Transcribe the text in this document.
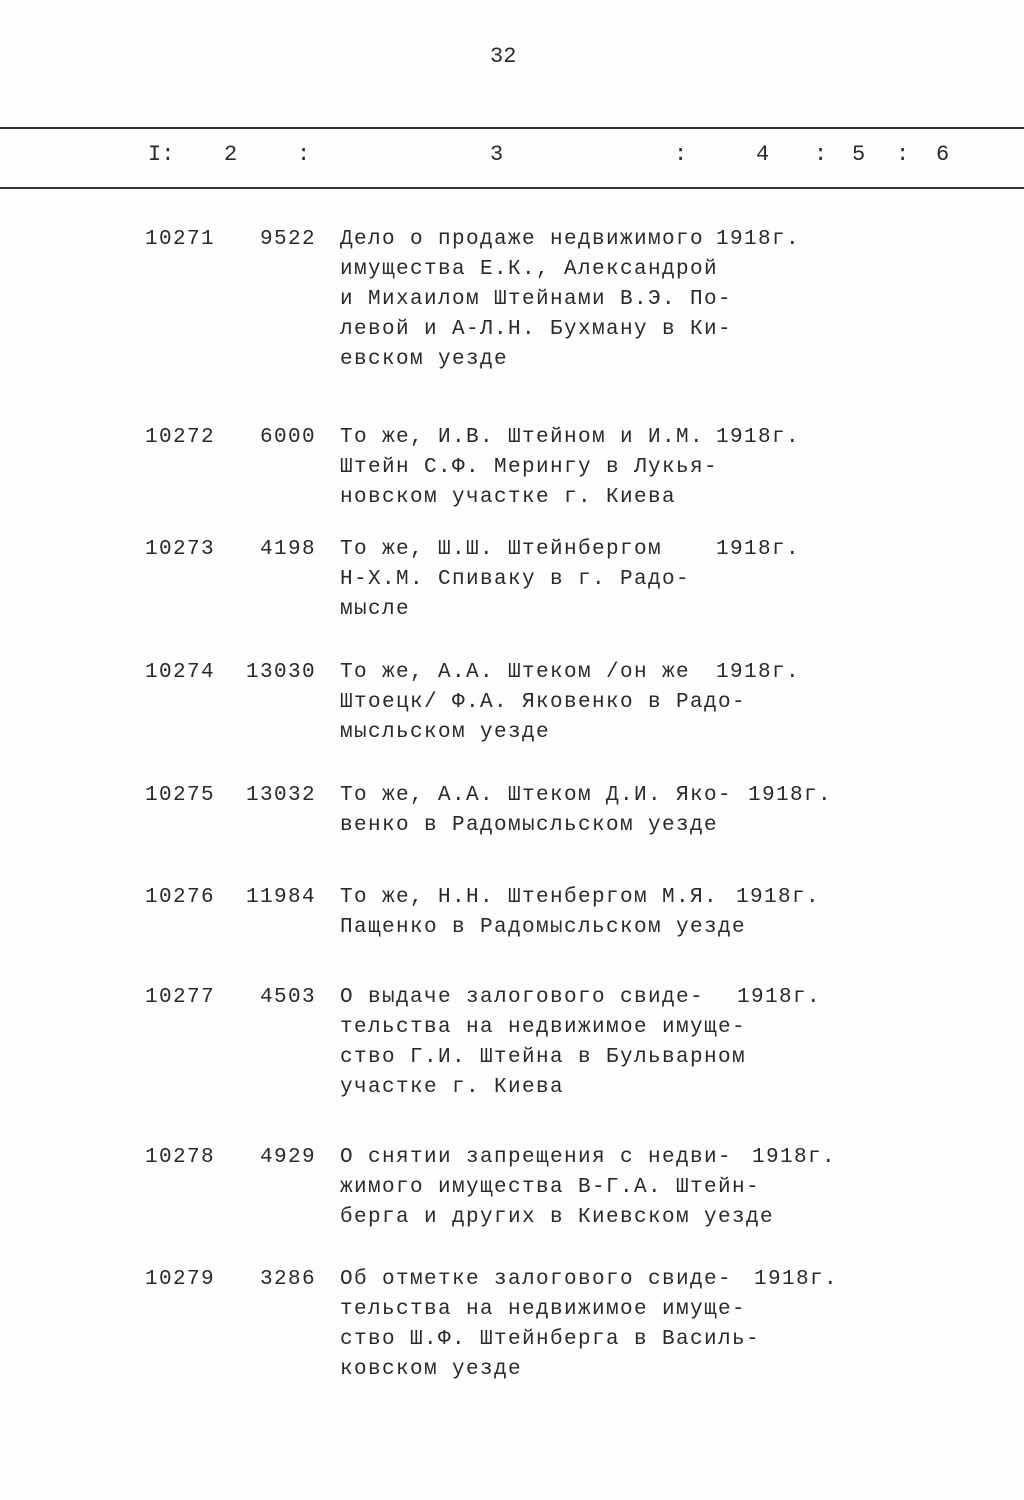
32
I: 2	:	3	:	4 : 5 : 6
10271 9522 Дело о продаже недвижимого
имущества Е.К., Александрой
и Михаилом Штейнами В.Э. По-
левой и А-Л.Н. Бухману в Ки-
евском уезде
1918г.
10272 6000 То же, И.В. Штейном и И.М.
Штейн С.Ф. Мерингу в Лукья-
новском участке г. Киева
1918г.
10273 4198 То же, Ш.Ш. Штейнбергом
Н-Х.М. Спиваку в г. Радо-
мысле
1918г.
10274 13030 То же, А.А. Штеком /он же
Штоецк/ Ф.А. Яковенко в Радо-
мысльском уезде
1918г.
10275 13032 То же, А.А. Штеком Д.И. Яко-
венко в Радомысльском уезде
1918г.
10276 11984 То же, Н.Н. Штенбергом М.Я.
Пащенко в Радомысльском уезде
1918г.
10277 4503 О выдаче залогового свиде-
тельства на недвижимое имуще-
ство Г.И. Штейна в Бульварном
участке г. Киева
1918г.
10278 4929 О снятии запрещения с недви-
жимого имущества В-Г.А. Штейн-
берга и других в Киевском уезде
1918г.
10279 3286 Об отметке залогового свиде-
тельства на недвижимое имуще-
ство Ш.Ф. Штейнберга в Василь-
ковском уезде
1918г.
